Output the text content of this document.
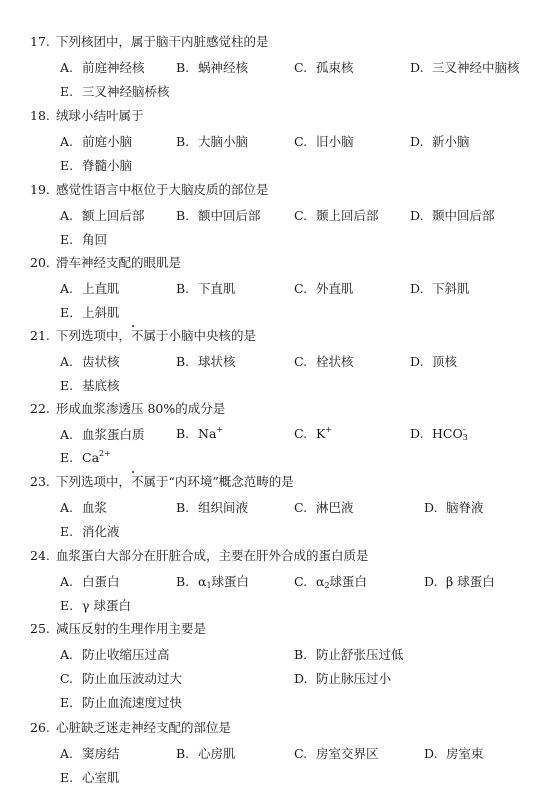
17. 下列核团中，属于脑干内脏感觉柱的是
A. 前庭神经核	B. 蜗神经核	C. 孤束核	D. 三叉神经中脑核
E. 三叉神经脑桥核
18. 绒球小结叶属于
A. 前庭小脑	B. 大脑小脑	C. 旧小脑	D. 新小脑
E. 脊髓小脑
19. 感觉性语言中枢位于大脑皮质的部位是
A. 额上回后部	B. 额中回后部	C. 颞上回后部	D. 颞中回后部
E. 角回
20. 滑车神经支配的眼肌是
A. 上直肌	B. 下直肌	C. 外直肌	D. 下斜肌
E. 上斜肌
21. 下列选项中，不属于小脑中央核的是
A. 齿状核	B. 球状核	C. 栓状核	D. 顶核
E. 基底核
22. 形成血浆渗透压 80%的成分是
A. 血浆蛋白质	B. Na+	C. K+	D. $HCO_3^-$
E. $Ca^{2+}$
23. 下列选项中，不属于“内环境”概念范畴的是
A. 血浆	B. 组织间液	C. 淋巴液	D. 脑脊液
E. 消化液
24. 血浆蛋白大部分在肝脏合成，主要在肝外合成的蛋白质是
A. 白蛋白	B. $\alpha_1$球蛋白	C. $\alpha_2$球蛋白	D. β 球蛋白
E. γ 球蛋白
25. 减压反射的生理作用主要是
A. 防止收缩压过高	B. 防止舒张压过低
C. 防止血压波动过大	D. 防止脉压过小
E. 防止血流速度过快
26. 心脏缺乏迷走神经支配的部位是
A. 窦房结	B. 心房肌	C. 房室交界区	D. 房室束
E. 心室肌
